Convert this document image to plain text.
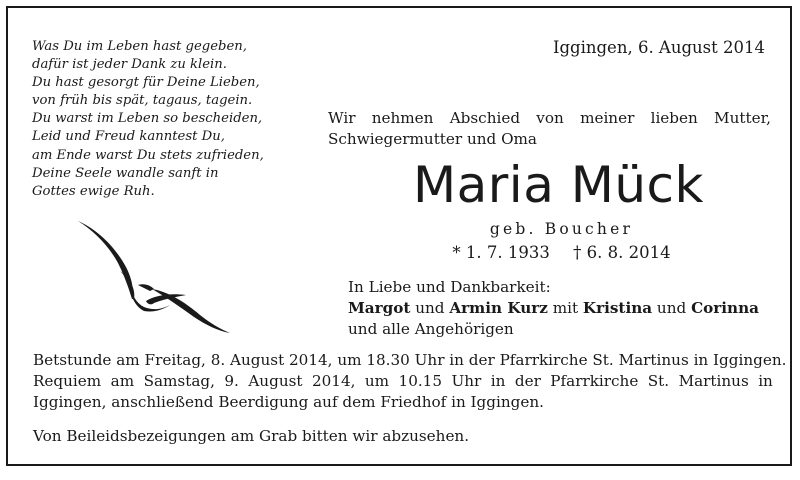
Was Du im Leben hast gegeben,
dafür ist jeder Dank zu klein.
Du hast gesorgt für Deine Lieben,
von früh bis spät, tagaus, tagein.
Du warst im Leben so bescheiden,
Leid und Freud kanntest Du,
am Ende warst Du stets zufrieden,
Deine Seele wandle sanft in
Gottes ewige Ruh.
Iggingen, 6. August 2014
Wir nehmen Abschied von meiner lieben Mutter,
Schwiegermutter und Oma
Maria Mück
geb. Boucher
* 1. 7. 1933 † 6. 8. 2014
In Liebe und Dankbarkeit:
Margot und Armin Kurz mit Kristina und Corinna
und alle Angehörigen
Betstunde am Freitag, 8. August 2014, um 18.30 Uhr in der Pfarrkirche St. Martinus in Iggingen.
Requiem am Samstag, 9. August 2014, um 10.15 Uhr in der Pfarrkirche St. Martinus in
Iggingen, anschließend Beerdigung auf dem Friedhof in Iggingen.
Von Beileidsbezeigungen am Grab bitten wir abzusehen.
